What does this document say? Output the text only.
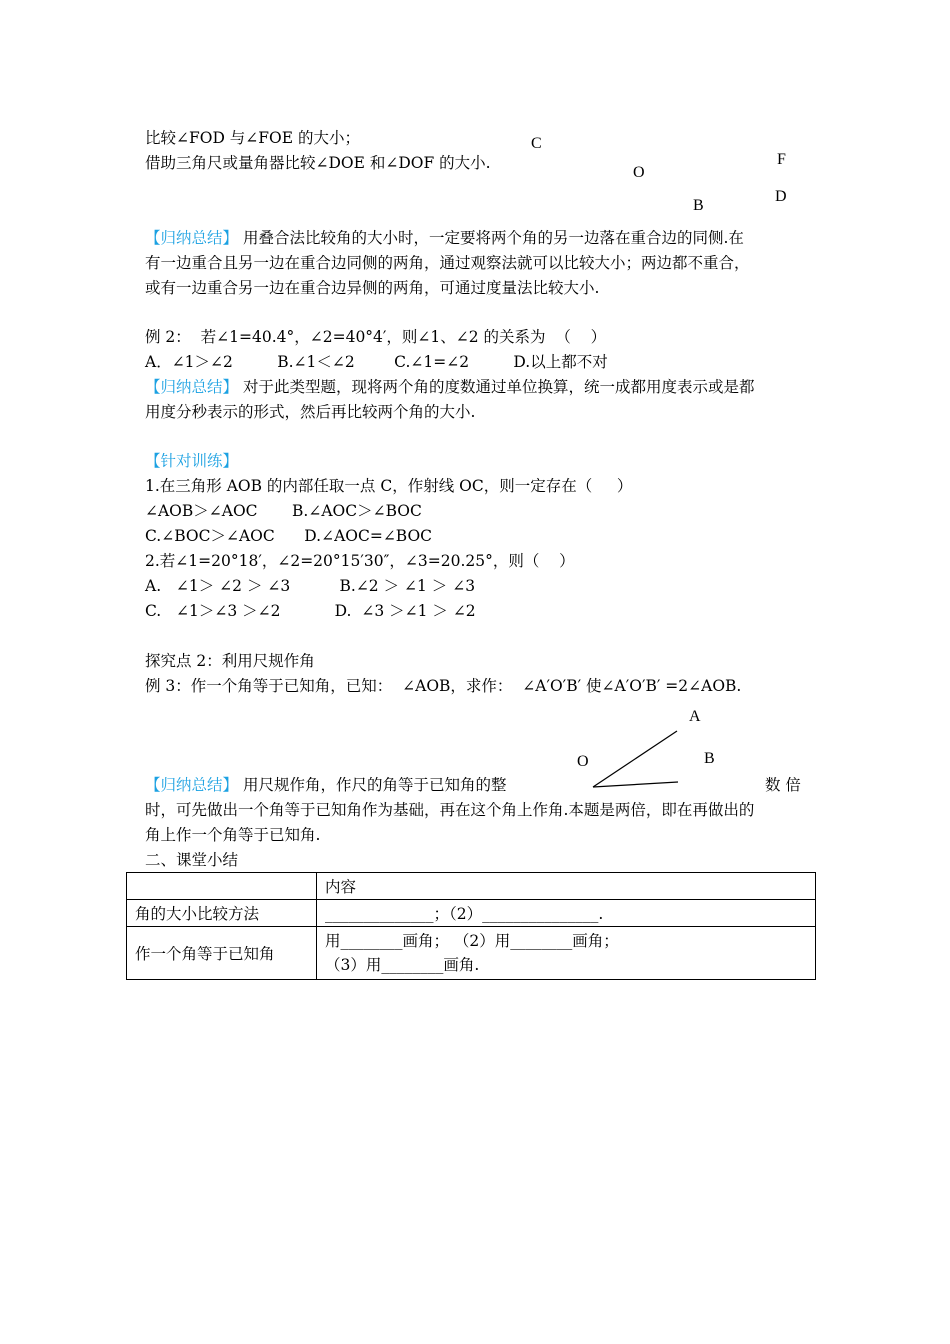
比较∠FOD 与∠FOE 的大小；
借助三角尺或量角器比较∠DOE 和∠DOF 的大小.
C
F
O
D
B
【归纳总结】 用叠合法比较角的大小时，一定要将两个角的另一边落在重合边的同侧.在
有一边重合且另一边在重合边同侧的两角，通过观察法就可以比较大小；两边都不重合，
或有一边重合另一边在重合边异侧的两角，可通过度量法比较大小.
例 2：  若∠1=40.4°，∠2=40°4′，则∠1、∠2 的关系为  （    ）
A．∠1＞∠2         B.∠1＜∠2        C.∠1=∠2         D.以上都不对
【归纳总结】 对于此类型题，现将两个角的度数通过单位换算，统一成都用度表示或是都
用度分秒表示的形式，然后再比较两个角的大小.
【针对训练】
1.在三角形 AOB 的内部任取一点 C，作射线 OC，则一定存在（     ）
∠AOB＞∠AOC       B.∠AOC＞∠BOC
C.∠BOC＞∠AOC      D.∠AOC=∠BOC
2.若∠1=20°18′，∠2=20°15′30″，∠3=20.25°，则（    ）
A.   ∠1＞ ∠2 ＞ ∠3          B.∠2 ＞ ∠1 ＞ ∠3
C.   ∠1＞∠3 ＞∠2           D.  ∠3 ＞∠1 ＞ ∠2
探究点 2：利用尺规作角
例 3：作一个角等于已知角，已知：  ∠AOB，求作：  ∠A′O′B′ 使∠A′O′B′ =2∠AOB.
A
O	B
【归纳总结】 用尺规作角，作尺的角等于已知角的整	数 倍
时，可先做出一个角等于已知角作为基础，再在这个角上作角.本题是两倍，即在再做出的
角上作一个角等于已知角.
二、课堂小结
	内容
角的大小比较方法	______________；（2）_______________.
作一个角等于已知角	用________画角； （2）用________画角；
（3）用________画角.
